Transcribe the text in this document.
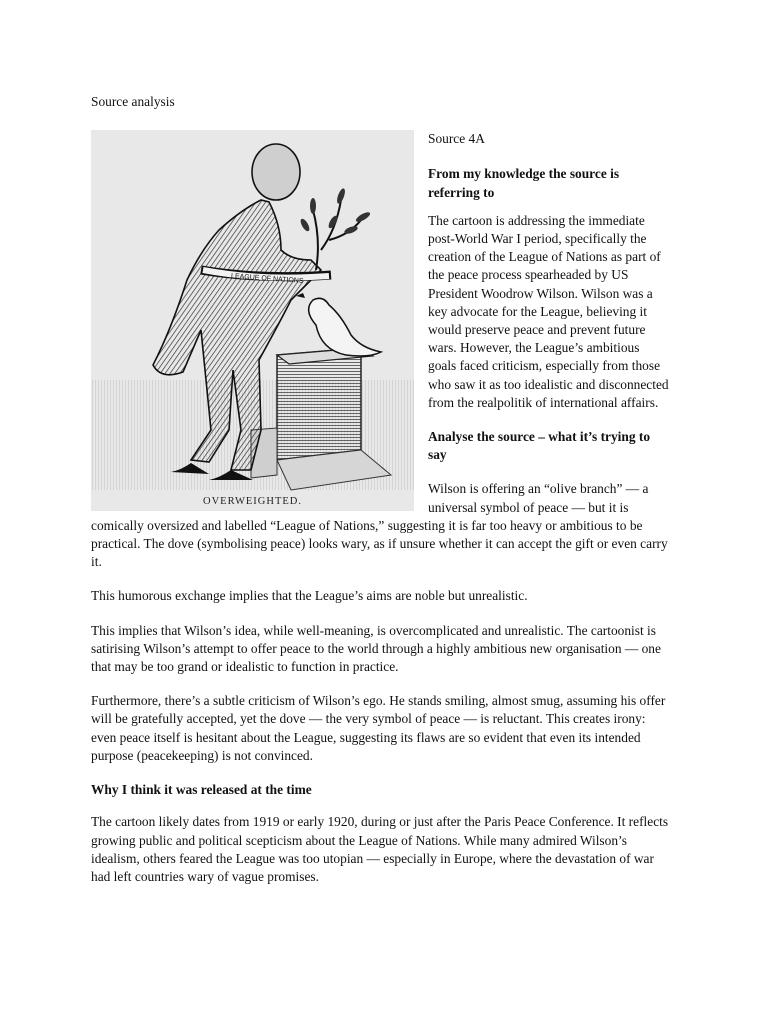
Source analysis
LEAGUE OF NATIONS
OVERWEIGHTED.
Source 4A
From my knowledge the source is referring to

The cartoon is addressing the immediate post-World War I period, specifically the creation of the League of Nations as part of the peace process spearheaded by US President Woodrow Wilson. Wilson was a key advocate for the League, believing it would preserve peace and prevent future wars. However, the League’s ambitious goals faced criticism, especially from those who saw it as too idealistic and disconnected from the realpolitik of international affairs.

Analyse the source – what it’s trying to say

Wilson is offering an “olive branch” — a universal symbol of peace — but it is comically oversized and labelled “League of Nations,” suggesting it is far too heavy or ambitious to be practical. The dove (symbolising peace) looks wary, as if unsure whether it can accept the gift or even carry it.

This humorous exchange implies that the League’s aims are noble but unrealistic.

This implies that Wilson’s idea, while well-meaning, is overcomplicated and unrealistic. The cartoonist is satirising Wilson’s attempt to offer peace to the world through a highly ambitious new organisation — one that may be too grand or idealistic to function in practice.

Furthermore, there’s a subtle criticism of Wilson’s ego. He stands smiling, almost smug, assuming his offer will be gratefully accepted, yet the dove — the very symbol of peace — is reluctant. This creates irony: even peace itself is hesitant about the League, suggesting its flaws are so evident that even its intended purpose (peacekeeping) is not convinced.

Why I think it was released at the time

The cartoon likely dates from 1919 or early 1920, during or just after the Paris Peace Conference. It reflects growing public and political scepticism about the League of Nations. While many admired Wilson’s idealism, others feared the League was too utopian — especially in Europe, where the devastation of war had left countries wary of vague promises.
